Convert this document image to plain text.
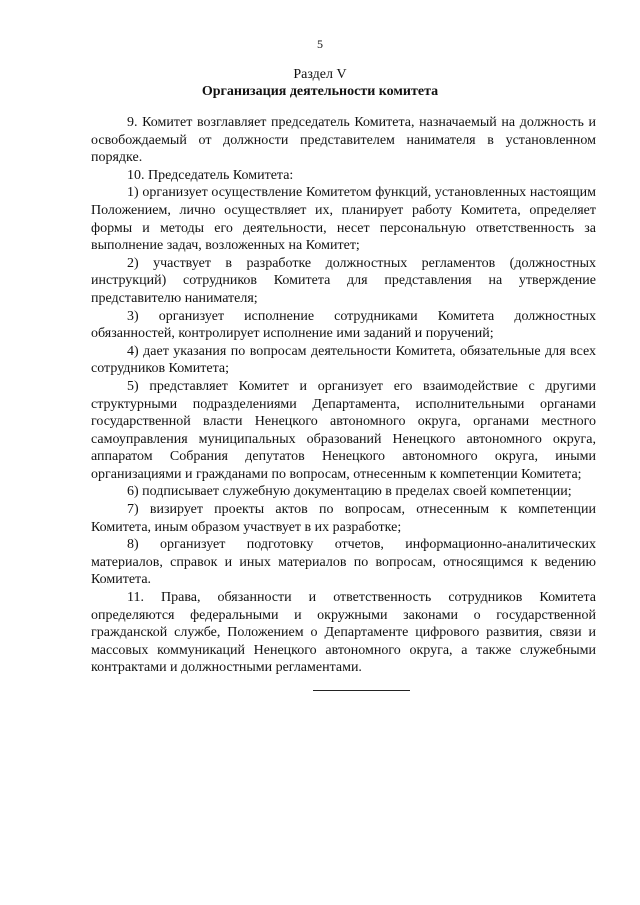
5
Раздел V
Организация деятельности комитета

9. Комитет возглавляет председатель Комитета, назначаемый на должность и освобождаемый от должности представителем нанимателя в установленном порядке.

10. Председатель Комитета:

1) организует осуществление Комитетом функций, установленных настоящим Положением, лично осуществляет их, планирует работу Комитета, определяет формы и методы его деятельности, несет персональную ответственность за выполнение задач, возложенных на Комитет;

2) участвует в разработке должностных регламентов (должностных инструкций) сотрудников Комитета для представления на утверждение представителю нанимателя;

3) организует исполнение сотрудниками Комитета должностных обязанностей, контролирует исполнение ими заданий и поручений;

4) дает указания по вопросам деятельности Комитета, обязательные для всех сотрудников Комитета;

5) представляет Комитет и организует его взаимодействие с другими структурными подразделениями Департамента, исполнительными органами государственной власти Ненецкого автономного округа, органами местного самоуправления муниципальных образований Ненецкого автономного округа, аппаратом Собрания депутатов Ненецкого автономного округа, иными организациями и гражданами по вопросам, отнесенным к компетенции Комитета;

6) подписывает служебную документацию в пределах своей компетенции;

7) визирует проекты актов по вопросам, отнесенным к компетенции Комитета, иным образом участвует в их разработке;

8) организует подготовку отчетов, информационно-аналитических материалов, справок и иных материалов по вопросам, относящимся к ведению Комитета.

11. Права, обязанности и ответственность сотрудников Комитета определяются федеральными и окружными законами о государственной гражданской службе, Положением о Департаменте цифрового развития, связи и массовых коммуникаций Ненецкого автономного округа, а также служебными контрактами и должностными регламентами.
